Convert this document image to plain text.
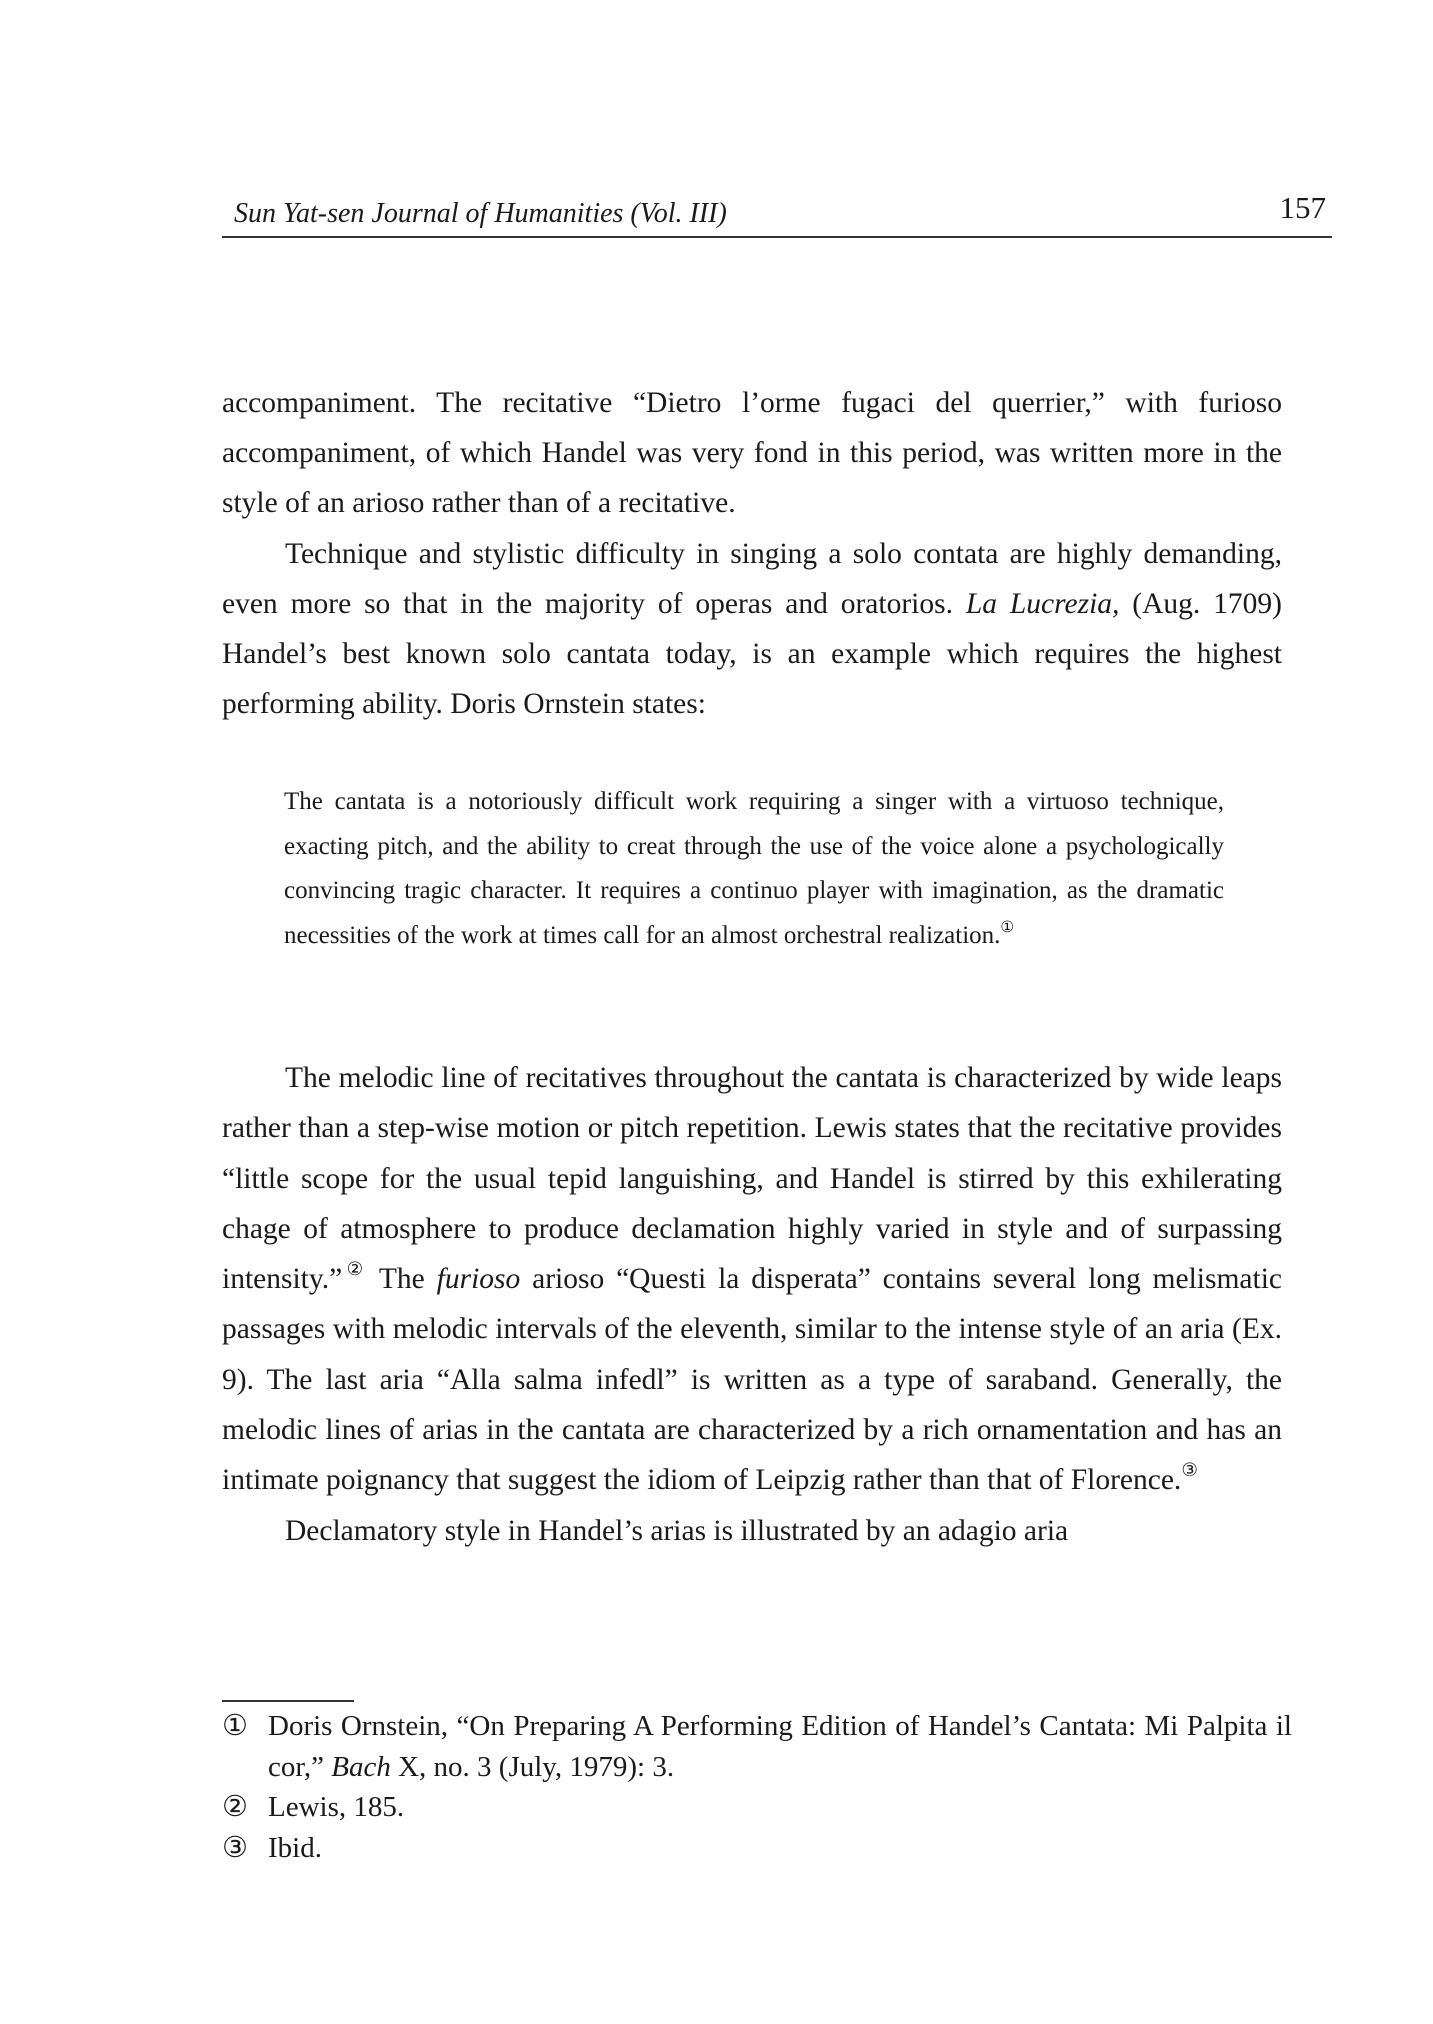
Sun Yat-sen Journal of Humanities (Vol. III)	157

accompaniment. The recitative “Dietro l’orme fugaci del querrier,” with furioso accompaniment, of which Handel was very fond in this period, was written more in the style of an arioso rather than of a recitative.

Technique and stylistic difficulty in singing a solo contata are highly demanding, even more so that in the majority of operas and oratorios. La Lucrezia, (Aug. 1709) Handel’s best known solo cantata today, is an example which requires the highest performing ability. Doris Ornstein states:

The cantata is a notoriously difficult work requiring a singer with a virtuoso technique, exacting pitch, and the ability to creat through the use of the voice alone a psychologically convincing tragic character. It requires a continuo player with imagination, as the dramatic necessities of the work at times call for an almost orchestral realization.①

The melodic line of recitatives throughout the cantata is characterized by wide leaps rather than a step-wise motion or pitch repetition. Lewis states that the recitative provides “little scope for the usual tepid languishing, and Handel is stirred by this exhilerating chage of atmosphere to produce declamation highly varied in style and of surpassing intensity.”② The furioso arioso “Questi la disperata” contains several long melismatic passages with melodic intervals of the eleventh, similar to the intense style of an aria (Ex. 9). The last aria “Alla salma infedl” is written as a type of saraband. Generally, the melodic lines of arias in the cantata are characterized by a rich ornamentation and has an intimate poignancy that suggest the idiom of Leipzig rather than that of Florence.③

Declamatory style in Handel’s arias is illustrated by an adagio aria

① Doris Ornstein, “On Preparing A Performing Edition of Handel’s Cantata: Mi Palpita il cor,” Bach X, no. 3 (July, 1979): 3.
② Lewis, 185.
③ Ibid.
